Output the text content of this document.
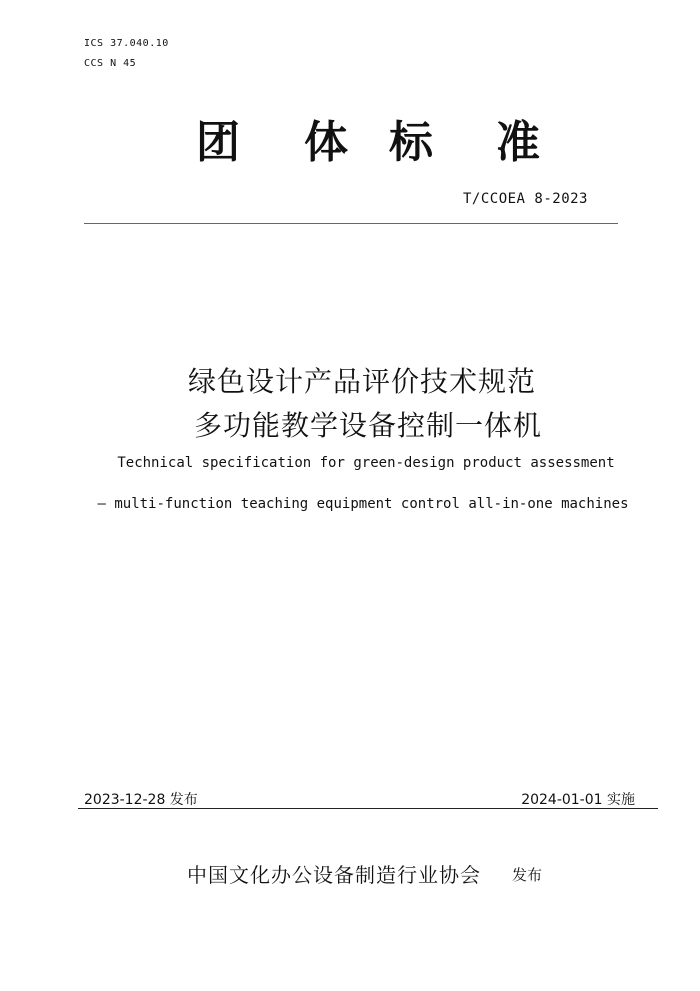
ICS 37.040.10
CCS N 45
团 体 标 准
T/CCOEA 8-2023
绿色设计产品评价技术规范
多功能教学设备控制一体机
Technical specification for green-design product assessment
— multi-function teaching equipment control all-in-one machines
2023-12-28 发布	2024-01-01 实施
中国文化办公设备制造行业协会 发布
